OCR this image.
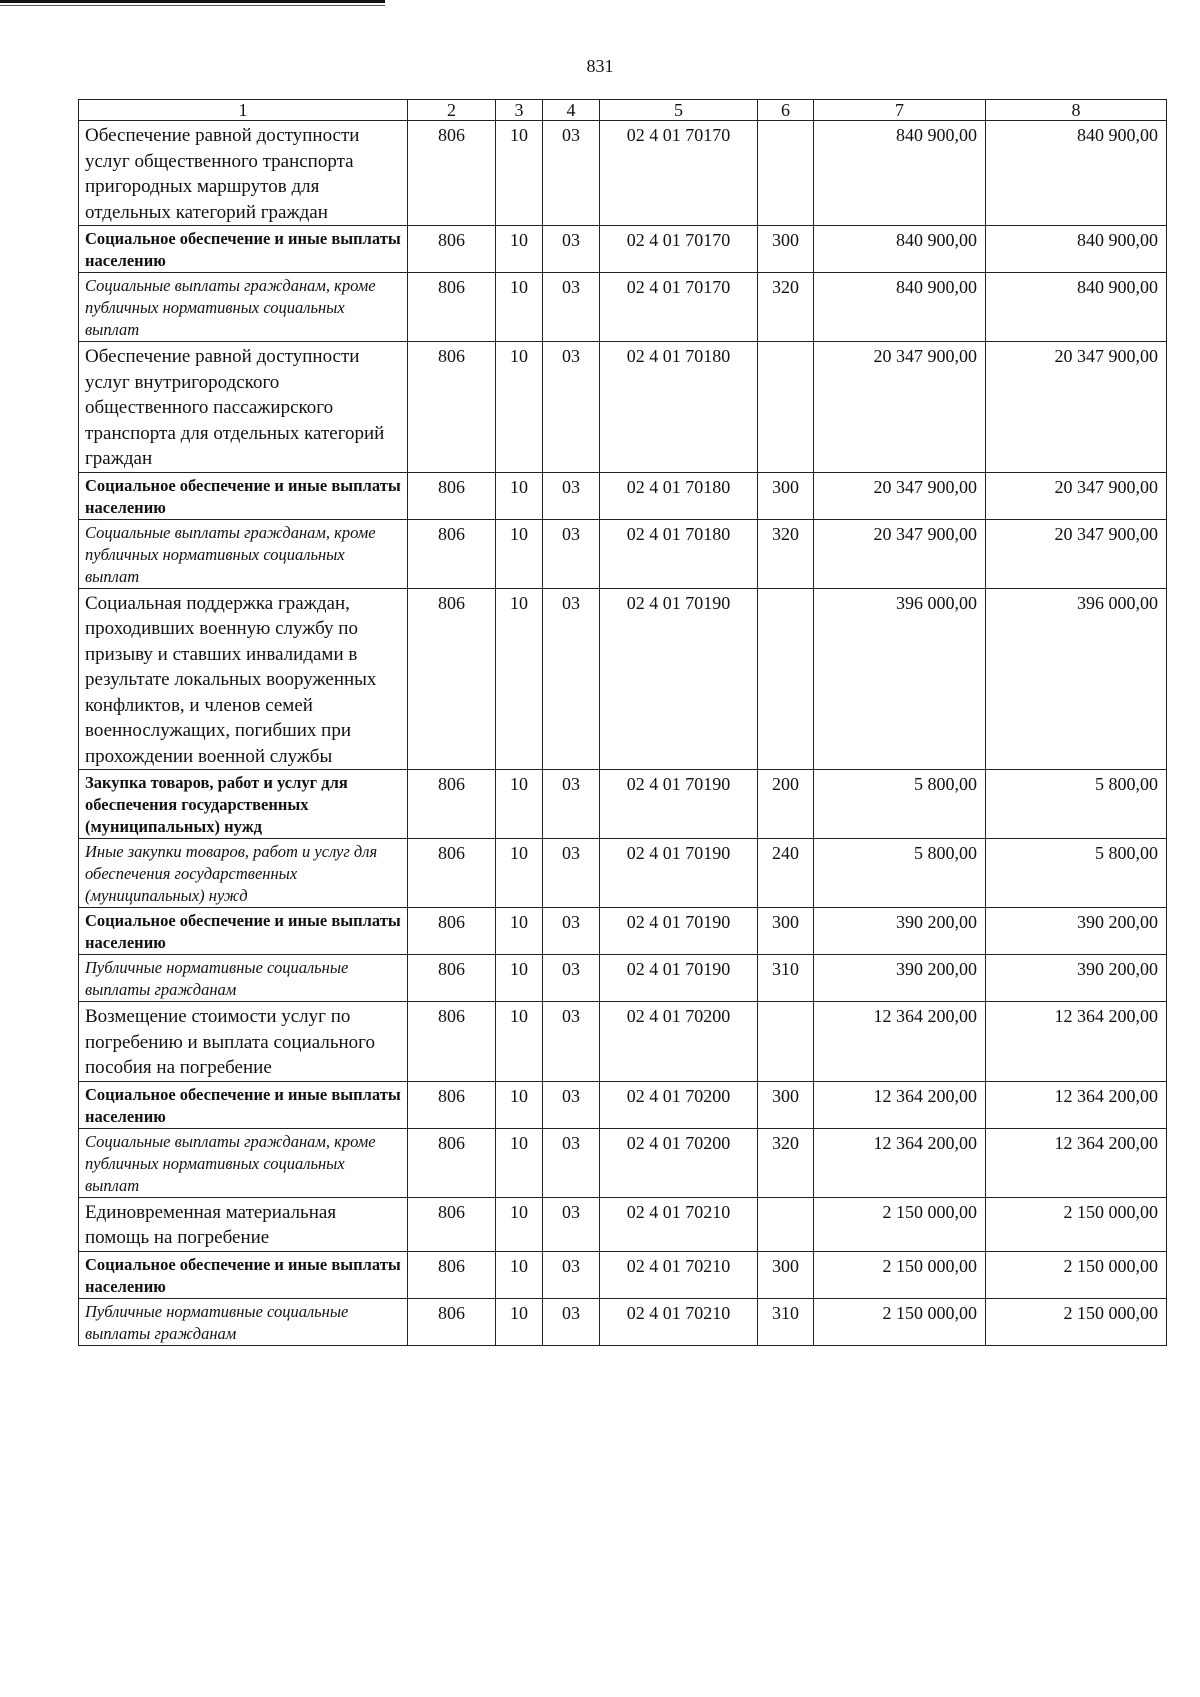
831
1	2	3	4	5	6	7	8
Обеспечение равной доступности услуг общественного транспорта пригородных маршрутов для отдельных категорий граждан	806	10	03	02 4 01 70170		840 900,00	840 900,00
Социальное обеспечение и иные выплаты населению	806	10	03	02 4 01 70170	300	840 900,00	840 900,00
Социальные выплаты гражданам, кроме публичных нормативных социальных выплат	806	10	03	02 4 01 70170	320	840 900,00	840 900,00
Обеспечение равной доступности услуг внутригородского общественного пассажирского транспорта для отдельных категорий граждан	806	10	03	02 4 01 70180		20 347 900,00	20 347 900,00
Социальное обеспечение и иные выплаты населению	806	10	03	02 4 01 70180	300	20 347 900,00	20 347 900,00
Социальные выплаты гражданам, кроме публичных нормативных социальных выплат	806	10	03	02 4 01 70180	320	20 347 900,00	20 347 900,00
Социальная поддержка граждан, проходивших военную службу по призыву и ставших инвалидами в результате локальных вооруженных конфликтов, и членов семей военнослужащих, погибших при прохождении военной службы	806	10	03	02 4 01 70190		396 000,00	396 000,00
Закупка товаров, работ и услуг для обеспечения государственных (муниципальных) нужд	806	10	03	02 4 01 70190	200	5 800,00	5 800,00
Иные закупки товаров, работ и услуг для обеспечения государственных (муниципальных) нужд	806	10	03	02 4 01 70190	240	5 800,00	5 800,00
Социальное обеспечение и иные выплаты населению	806	10	03	02 4 01 70190	300	390 200,00	390 200,00
Публичные нормативные социальные выплаты гражданам	806	10	03	02 4 01 70190	310	390 200,00	390 200,00
Возмещение стоимости услуг по погребению и выплата социального пособия на погребение	806	10	03	02 4 01 70200		12 364 200,00	12 364 200,00
Социальное обеспечение и иные выплаты населению	806	10	03	02 4 01 70200	300	12 364 200,00	12 364 200,00
Социальные выплаты гражданам, кроме публичных нормативных социальных выплат	806	10	03	02 4 01 70200	320	12 364 200,00	12 364 200,00
Единовременная материальная помощь на погребение	806	10	03	02 4 01 70210		2 150 000,00	2 150 000,00
Социальное обеспечение и иные выплаты населению	806	10	03	02 4 01 70210	300	2 150 000,00	2 150 000,00
Публичные нормативные социальные выплаты гражданам	806	10	03	02 4 01 70210	310	2 150 000,00	2 150 000,00
